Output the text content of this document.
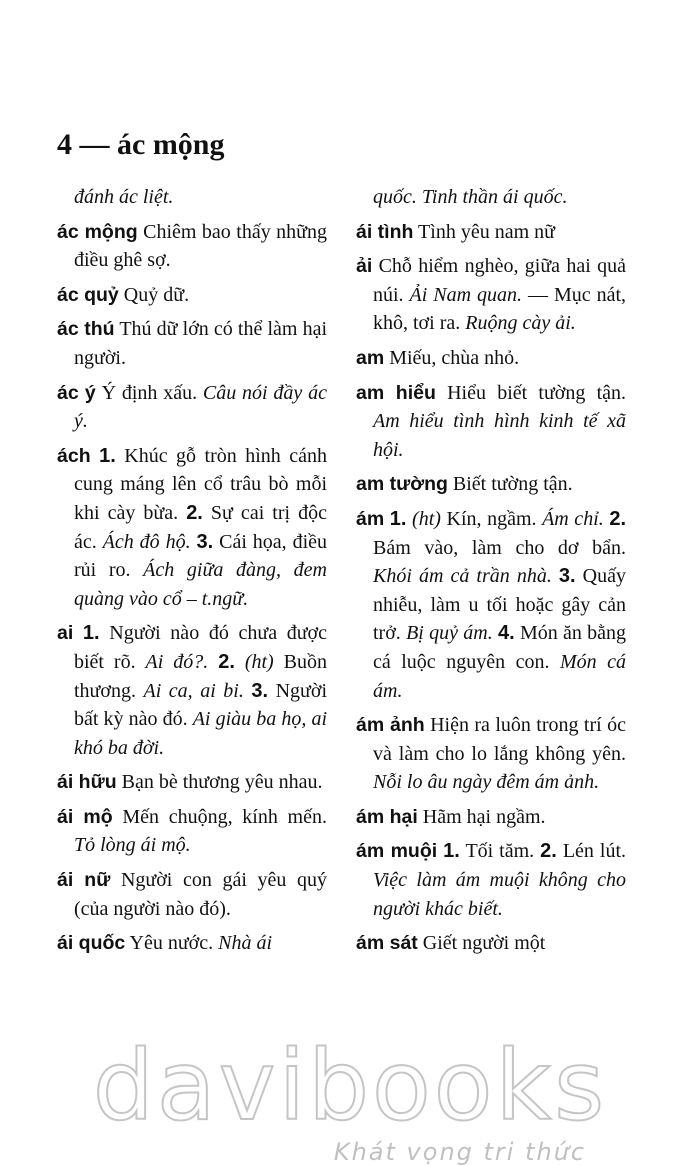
4 — ác mộng

đánh ác liệt.

ác mộng Chiêm bao thấy những điều ghê sợ.

ác quỷ Quỷ dữ.

ác thú Thú dữ lớn có thể làm hại người.

ác ý Ý định xấu. Câu nói đầy ác ý.

ách 1. Khúc gỗ tròn hình cánh cung máng lên cổ trâu bò mỗi khi cày bừa. 2. Sự cai trị độc ác. Ách đô hộ. 3. Cái họa, điều rủi ro. Ách giữa đàng, đem quàng vào cổ – t.ngữ.

ai 1. Người nào đó chưa được biết rõ. Ai đó?. 2. (ht) Buồn thương. Ai ca, ai bi. 3. Người bất kỳ nào đó. Ai giàu ba họ, ai khó ba đời.

ái hữu Bạn bè thương yêu nhau.

ái mộ Mến chuộng, kính mến. Tỏ lòng ái mộ.

ái nữ Người con gái yêu quý (của người nào đó).

ái quốc Yêu nước. Nhà ái

quốc. Tinh thần ái quốc.

ái tình Tình yêu nam nữ

ải Chỗ hiểm nghèo, giữa hai quả núi. Ải Nam quan. — Mục nát, khô, tơi ra. Ruộng cày ải.

am Miếu, chùa nhỏ.

am hiểu Hiểu biết tường tận. Am hiểu tình hình kinh tế xã hội.

am tường Biết tường tận.

ám 1. (ht) Kín, ngầm. Ám chỉ. 2. Bám vào, làm cho dơ bẩn. Khói ám cả trần nhà. 3. Quấy nhiễu, làm u tối hoặc gây cản trở. Bị quỷ ám. 4. Món ăn bằng cá luộc nguyên con. Món cá ám.

ám ảnh Hiện ra luôn trong trí óc và làm cho lo lắng không yên. Nỗi lo âu ngày đêm ám ảnh.

ám hại Hãm hại ngầm.

ám muội 1. Tối tăm. 2. Lén lút. Việc làm ám muội không cho người khác biết.

ám sát Giết người một

davibooks
Khát vọng tri thức
